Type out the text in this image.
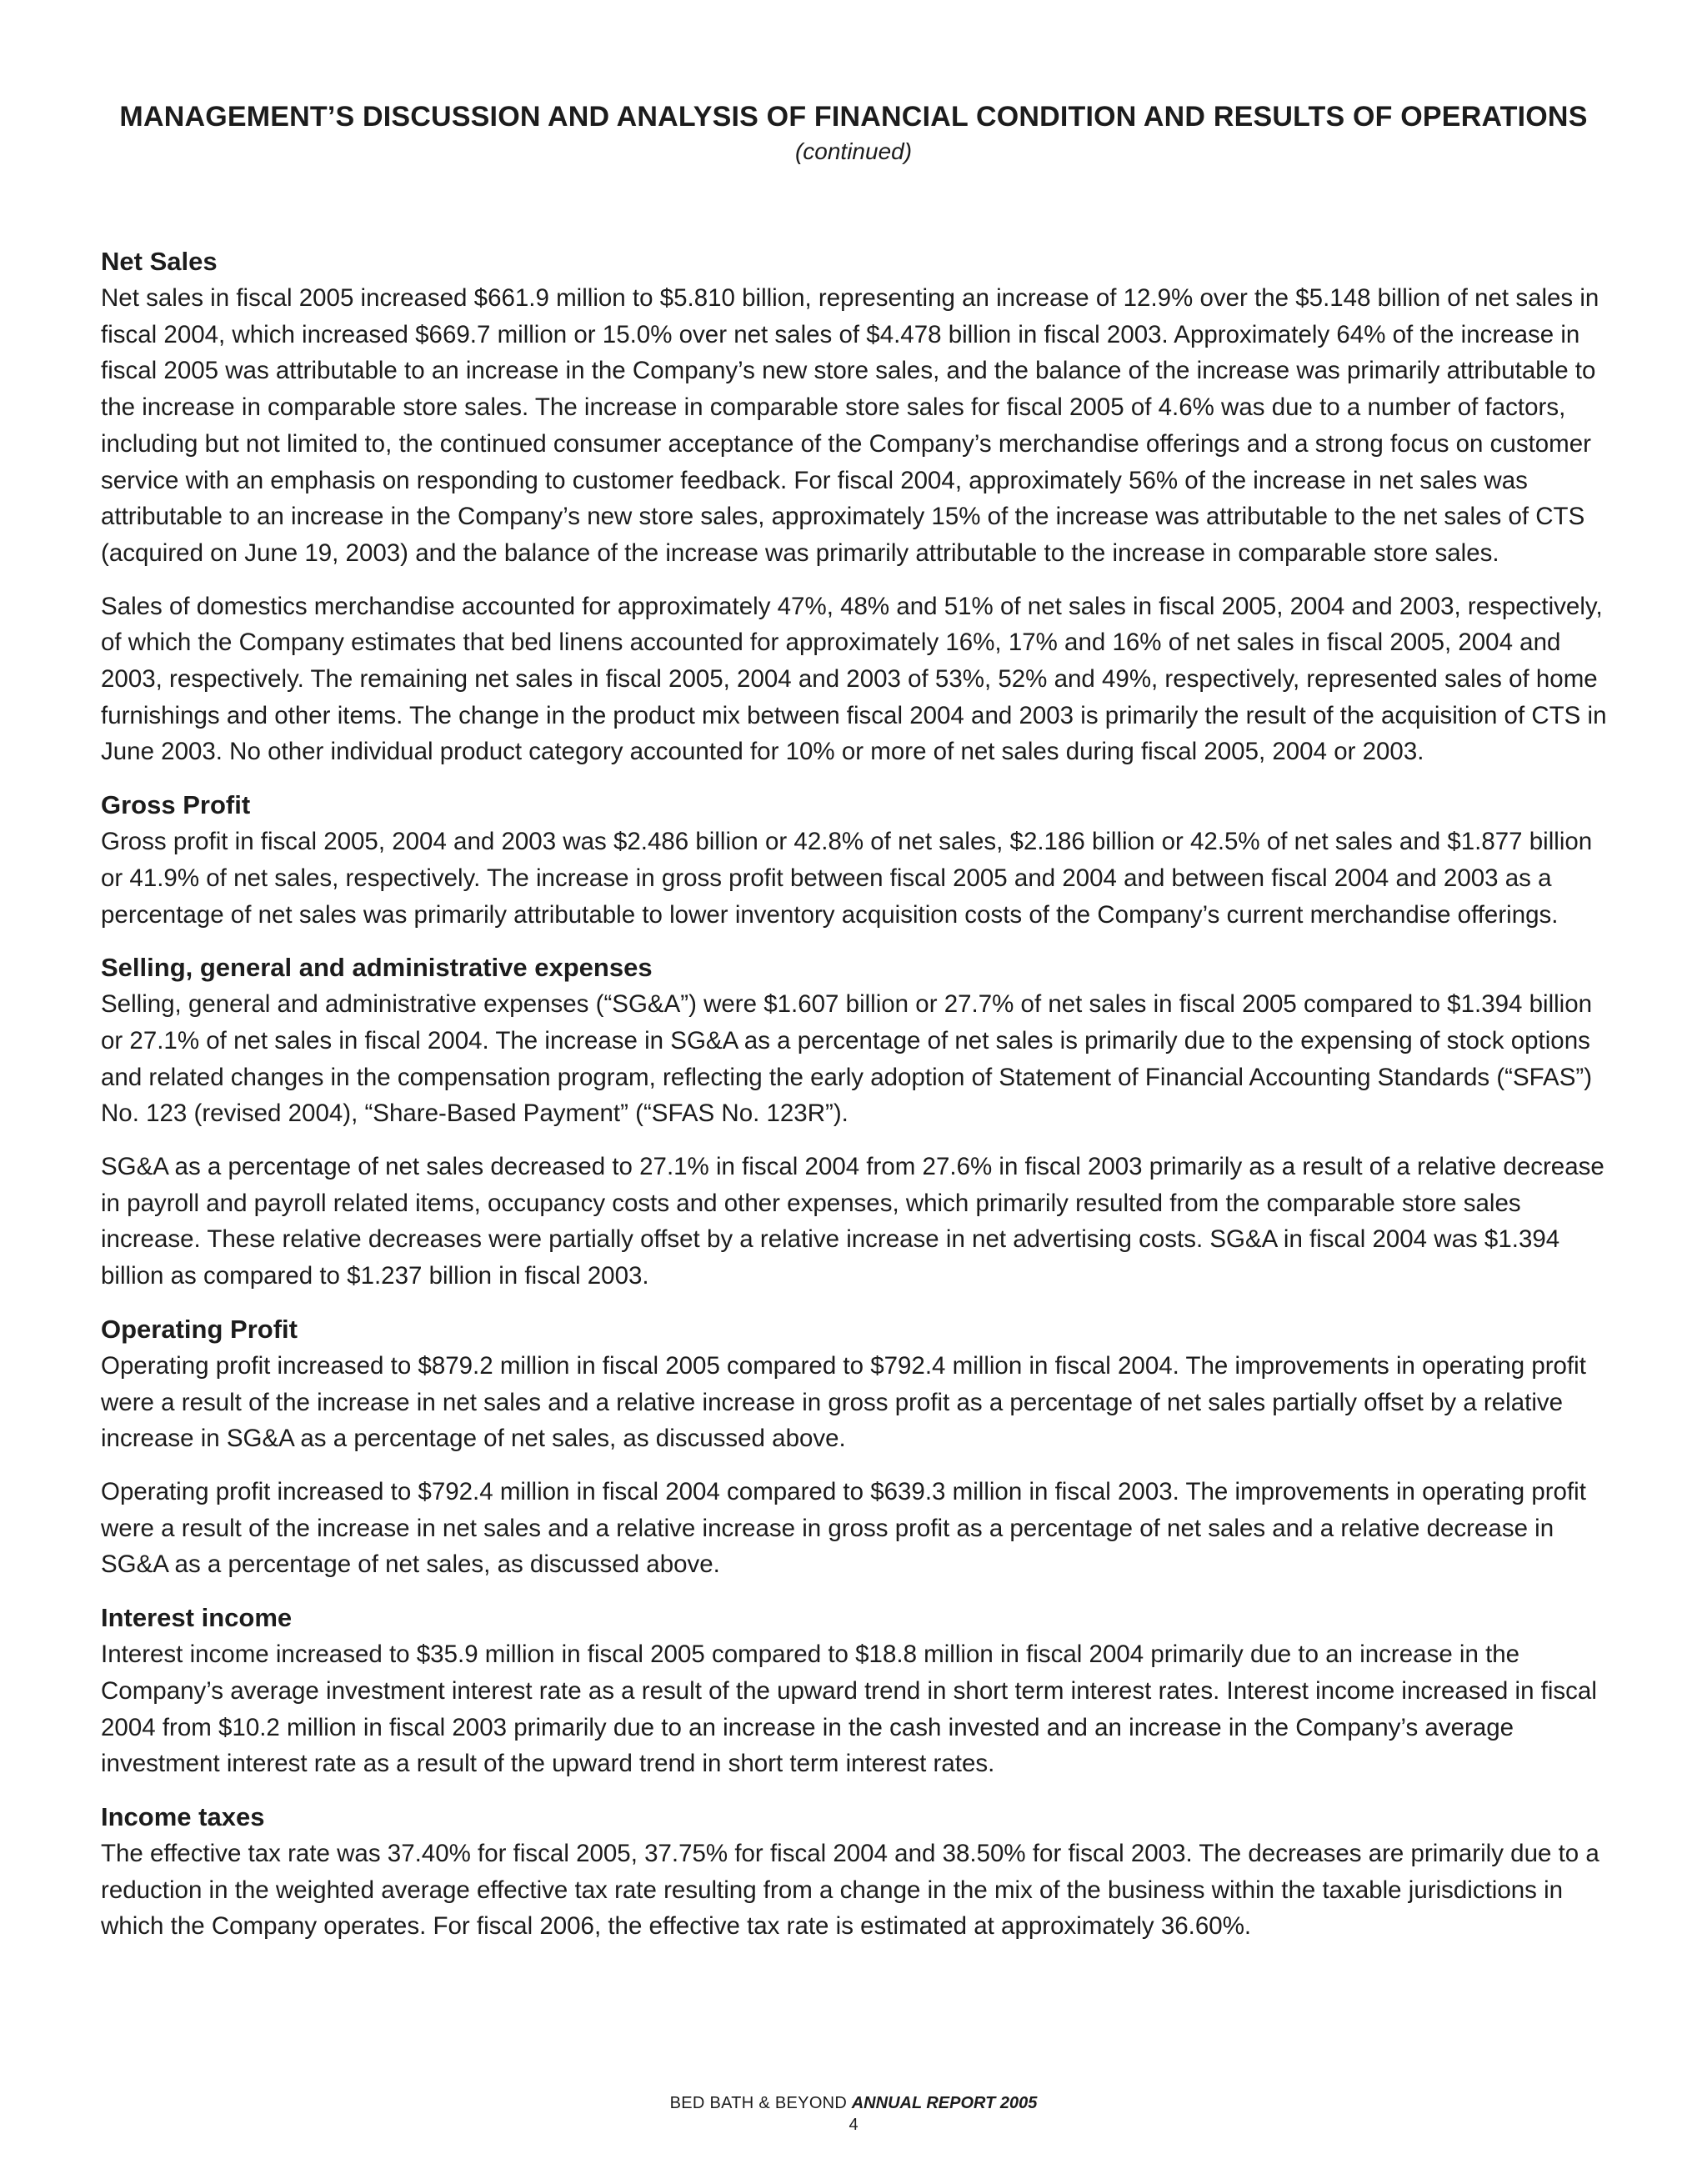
MANAGEMENT’S DISCUSSION AND ANALYSIS OF FINANCIAL CONDITION AND RESULTS OF OPERATIONS
(continued)
Net Sales

Net sales in fiscal 2005 increased $661.9 million to $5.810 billion, representing an increase of 12.9% over the $5.148 billion of net sales in fiscal 2004, which increased $669.7 million or 15.0% over net sales of $4.478 billion in fiscal 2003. Approximately 64% of the increase in fiscal 2005 was attributable to an increase in the Company’s new store sales, and the balance of the increase was primarily attributable to the increase in comparable store sales. The increase in comparable store sales for fiscal 2005 of 4.6% was due to a number of factors, including but not limited to, the continued consumer acceptance of the Company’s merchandise offerings and a strong focus on customer service with an emphasis on responding to customer feedback. For fiscal 2004, approximately 56% of the increase in net sales was attributable to an increase in the Company’s new store sales, approximately 15% of the increase was attributable to the net sales of CTS (acquired on June 19, 2003) and the balance of the increase was primarily attributable to the increase in comparable store sales.

Sales of domestics merchandise accounted for approximately 47%, 48% and 51% of net sales in fiscal 2005, 2004 and 2003, respectively, of which the Company estimates that bed linens accounted for approximately 16%, 17% and 16% of net sales in fiscal 2005, 2004 and 2003, respectively. The remaining net sales in fiscal 2005, 2004 and 2003 of 53%, 52% and 49%, respectively, represented sales of home furnishings and other items. The change in the product mix between fiscal 2004 and 2003 is primarily the result of the acquisition of CTS in June 2003. No other individual product category accounted for 10% or more of net sales during fiscal 2005, 2004 or 2003.

Gross Profit

Gross profit in fiscal 2005, 2004 and 2003 was $2.486 billion or 42.8% of net sales, $2.186 billion or 42.5% of net sales and $1.877 billion or 41.9% of net sales, respectively. The increase in gross profit between fiscal 2005 and 2004 and between fiscal 2004 and 2003 as a percentage of net sales was primarily attributable to lower inventory acquisition costs of the Company’s current merchandise offerings.

Selling, general and administrative expenses

Selling, general and administrative expenses (“SG&A”) were $1.607 billion or 27.7% of net sales in fiscal 2005 compared to $1.394 billion or 27.1% of net sales in fiscal 2004. The increase in SG&A as a percentage of net sales is primarily due to the expensing of stock options and related changes in the compensation program, reflecting the early adoption of Statement of Financial Accounting Standards (“SFAS”) No. 123 (revised 2004), “Share-Based Payment” (“SFAS No. 123R”).

SG&A as a percentage of net sales decreased to 27.1% in fiscal 2004 from 27.6% in fiscal 2003 primarily as a result of a relative decrease in payroll and payroll related items, occupancy costs and other expenses, which primarily resulted from the comparable store sales increase. These relative decreases were partially offset by a relative increase in net advertising costs. SG&A in fiscal 2004 was $1.394 billion as compared to $1.237 billion in fiscal 2003.

Operating Profit

Operating profit increased to $879.2 million in fiscal 2005 compared to $792.4 million in fiscal 2004. The improvements in operating profit were a result of the increase in net sales and a relative increase in gross profit as a percentage of net sales partially offset by a relative increase in SG&A as a percentage of net sales, as discussed above.

Operating profit increased to $792.4 million in fiscal 2004 compared to $639.3 million in fiscal 2003. The improvements in operating profit were a result of the increase in net sales and a relative increase in gross profit as a percentage of net sales and a relative decrease in SG&A as a percentage of net sales, as discussed above.

Interest income

Interest income increased to $35.9 million in fiscal 2005 compared to $18.8 million in fiscal 2004 primarily due to an increase in the Company’s average investment interest rate as a result of the upward trend in short term interest rates. Interest income increased in fiscal 2004 from $10.2 million in fiscal 2003 primarily due to an increase in the cash invested and an increase in the Company’s average investment interest rate as a result of the upward trend in short term interest rates.

Income taxes

The effective tax rate was 37.40% for fiscal 2005, 37.75% for fiscal 2004 and 38.50% for fiscal 2003. The decreases are primarily due to a reduction in the weighted average effective tax rate resulting from a change in the mix of the business within the taxable jurisdictions in which the Company operates. For fiscal 2006, the effective tax rate is estimated at approximately 36.60%.

BED BATH & BEYOND ANNUAL REPORT 2005
4
